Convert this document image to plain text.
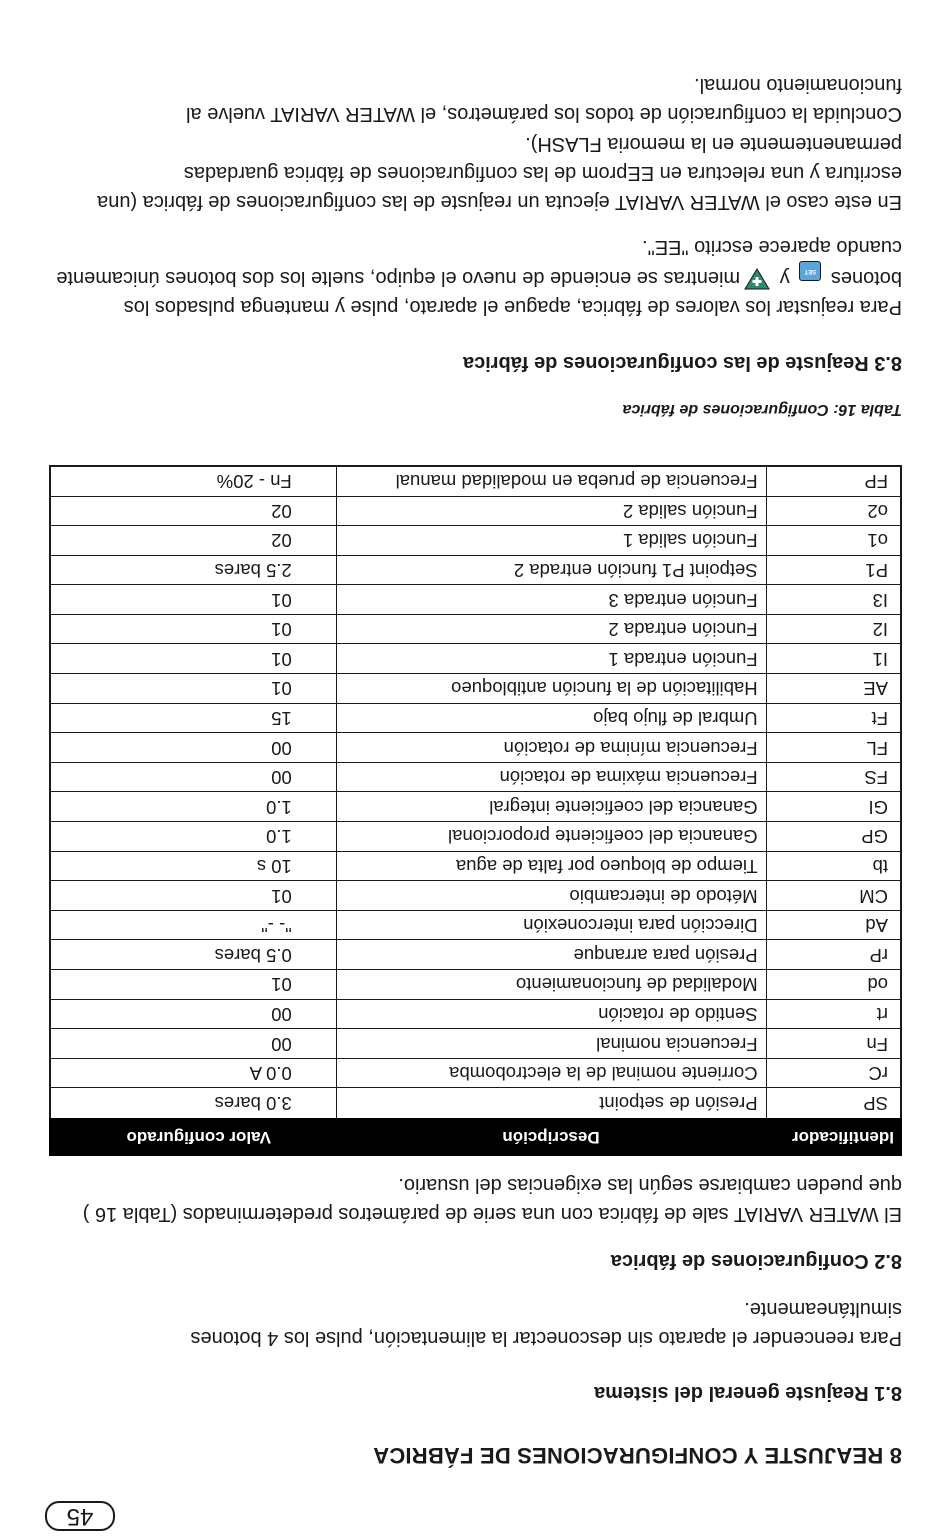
45
8 REAJUSTE Y CONFIGURACIONES DE FÁBRICA
8.1 Reajuste general del sistema

Para reencender el aparato sin desconectar la alimentación, pulse los 4 botones simultáneamente.

8.2 Configuraciones de fábrica

El WATER VARIAT sale de fábrica con una serie de parámetros predeterminados (Tabla 16 ) que pueden cambiarse según las exigencias del usuario.

Identificador
Descripción
Valor configurado
SP
Presión de setpoint
3.0 bares
rC
Corriente nominal de la electrobomba
0.0 A
Fn
Frecuencia nominal
00
rt
Sentido de rotación
00
od
Modalidad de funcionamiento
01
rP
Presión para arranque
0.5 bares
Ad
Dirección para interconexión
"- -"
CM
Método de intercambio
01
tb
Tiempo de bloqueo por falta de agua
10 s
GP
Ganancia del coeficiente proporcional
1.0
GI
Ganancia del coeficiente integral
1.0
FS
Frecuencia máxima de rotación
00
FL
Frecuencia mínima de rotación
00
Ft
Umbral de flujo bajo
15
AE
Habilitación de la función antibloqueo
01
I1
Función entrada 1
01
I2
Función entrada 2
01
I3
Función entrada 3
01
P1
Setpoint P1 función entrada 2
2.5 bares
o1
Función salida 1
02
o2
Función salida 2
02
FP
Frecuencia de prueba en modalidad manual
Fn - 20%
Tabla 16: Configuraciones de fábrica
8.3 Reajuste de las configuraciones de fábrica

Para reajustar los valores de fábrica, apague el aparato, pulse y mantenga pulsados los botones SET y mientras se enciende de nuevo el equipo, suelte los dos botones únicamente cuando aparece escrito "EE".

En este caso el WATER VARIAT ejecuta un reajuste de las configuraciones de fábrica (una escritura y una relectura en EEprom de las configuraciones de fábrica guardadas permanentemente en la memoria FLASH).

Concluida la configuración de todos los parámetros, el WATER VARIAT vuelve al funcionamiento normal.
